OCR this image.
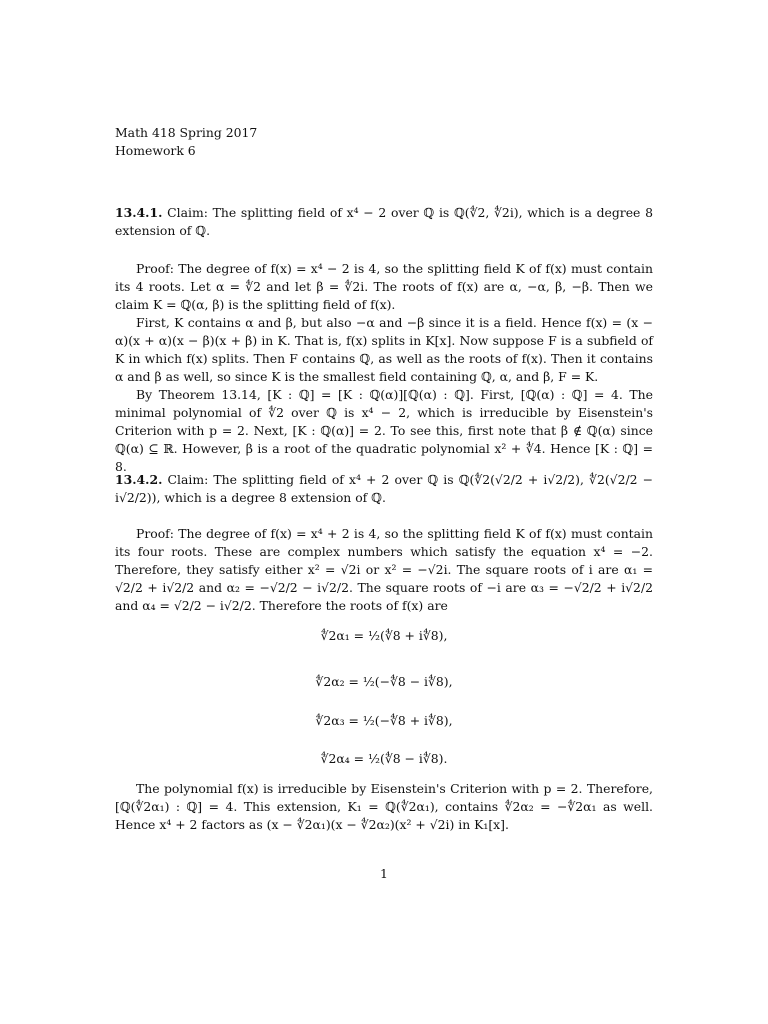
Math 418 Spring 2017
Homework 6

13.4.1. Claim: The splitting field of x⁴ − 2 over ℚ is ℚ(∜2, ∜2i), which is a degree 8 extension of ℚ.

Proof: The degree of f(x) = x⁴ − 2 is 4, so the splitting field K of f(x) must contain its 4 roots. Let α = ∜2 and let β = ∜2i. The roots of f(x) are α, −α, β, −β. Then we claim K = ℚ(α, β) is the splitting field of f(x).

First, K contains α and β, but also −α and −β since it is a field. Hence f(x) = (x − α)(x + α)(x − β)(x + β) in K. That is, f(x) splits in K[x]. Now suppose F is a subfield of K in which f(x) splits. Then F contains ℚ, as well as the roots of f(x). Then it contains α and β as well, so since K is the smallest field containing ℚ, α, and β, F = K.

By Theorem 13.14, [K : ℚ] = [K : ℚ(α)][ℚ(α) : ℚ]. First, [ℚ(α) : ℚ] = 4. The minimal polynomial of ∜2 over ℚ is x⁴ − 2, which is irreducible by Eisenstein's Criterion with p = 2. Next, [K : ℚ(α)] = 2. To see this, first note that β ∉ ℚ(α) since ℚ(α) ⊆ ℝ. However, β is a root of the quadratic polynomial x² + ∜4. Hence [K : ℚ] = 8.

13.4.2. Claim: The splitting field of x⁴ + 2 over ℚ is ℚ(∜2(√2/2 + i√2/2), ∜2(√2/2 − i√2/2)), which is a degree 8 extension of ℚ.

Proof: The degree of f(x) = x⁴ + 2 is 4, so the splitting field K of f(x) must contain its four roots. These are complex numbers which satisfy the equation x⁴ = −2. Therefore, they satisfy either x² = √2i or x² = −√2i. The square roots of i are α₁ = √2/2 + i√2/2 and α₂ = −√2/2 − i√2/2. The square roots of −i are α₃ = −√2/2 + i√2/2 and α₄ = √2/2 − i√2/2. Therefore the roots of f(x) are

∜2α₁ = ½(∜8 + i∜8),
∜2α₂ = ½(−∜8 − i∜8),
∜2α₃ = ½(−∜8 + i∜8),
∜2α₄ = ½(∜8 − i∜8).

The polynomial f(x) is irreducible by Eisenstein's Criterion with p = 2. Therefore, [ℚ(∜2α₁) : ℚ] = 4. This extension, K₁ = ℚ(∜2α₁), contains ∜2α₂ = −∜2α₁ as well. Hence x⁴ + 2 factors as (x − ∜2α₁)(x − ∜2α₂)(x² + √2i) in K₁[x].

1
